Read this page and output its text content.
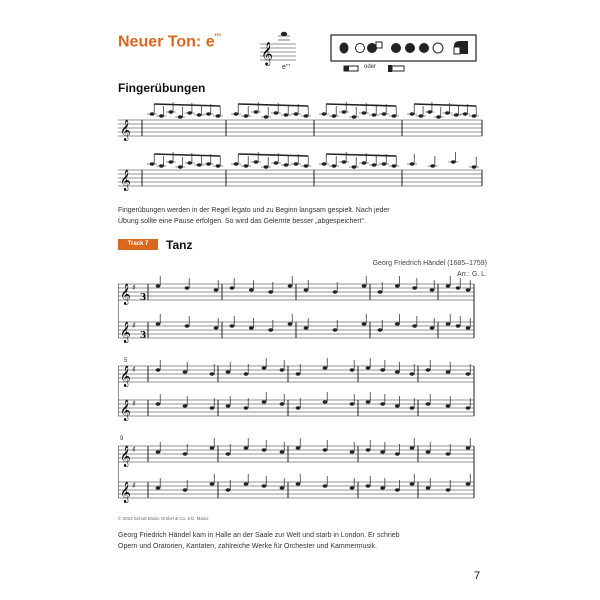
Neuer Ton: e'''
𝄞
e'''	oder
Fingerübungen
𝄞
𝄞
Fingerübungen werden in der Regel legato und zu Beginn langsam gespielt. Nach jeder
Übung sollte eine Pause erfolgen. So wird das Gelernte besser „abgespeichert“.
Track 7	Tanz
Georg Friedrich Händel (1685–1759)
Arr.: G. L.
𝄞 ♯
3
𝄞 ♯
3
𝄞 ♯
𝄞 ♯
𝄞 ♯
𝄞 ♯
5
9
© 2022 Schott Music GmbH & Co. KG, Mainz
Georg Friedrich Händel kam in Halle an der Saale zur Welt und starb in London. Er schrieb
Opern und Oratorien, Kantaten, zahlreiche Werke für Orchester und Kammermusik.
7
